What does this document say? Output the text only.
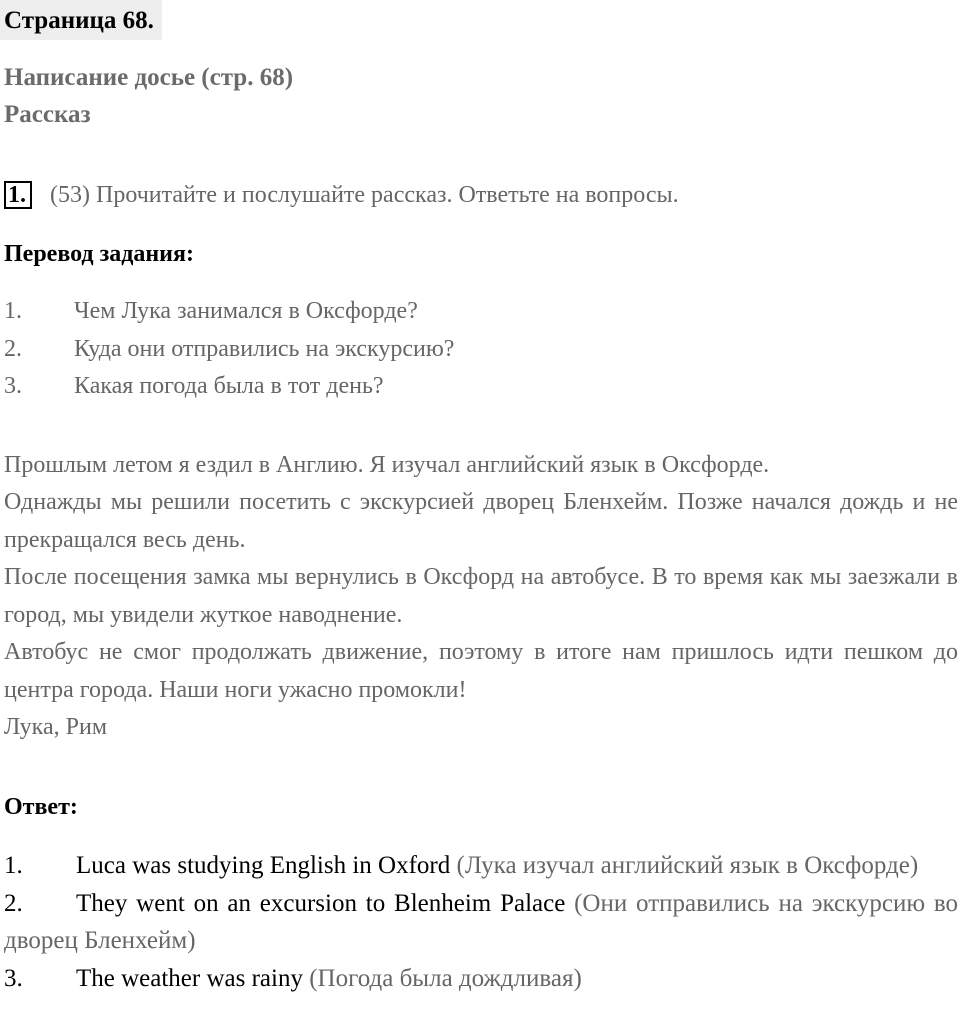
Страница 68.
Написание досье (стр. 68)
Рассказ
1. (53) Прочитайте и послушайте рассказ. Ответьте на вопросы.
Перевод задания:
1. Чем Лука занимался в Оксфорде?
2. Куда они отправились на экскурсию?
3. Какая погода была в тот день?

Прошлым летом я ездил в Англию. Я изучал английский язык в Оксфорде.

Однажды мы решили посетить с экскурсией дворец Бленхейм. Позже начался дождь и не прекращался весь день.

После посещения замка мы вернулись в Оксфорд на автобусе. В то время как мы заезжали в город, мы увидели жуткое наводнение.

Автобус не смог продолжать движение, поэтому в итоге нам пришлось идти пешком до центра города. Наши ноги ужасно промокли!

Лука, Рим

Ответ:

1. Luca was studying English in Oxford (Лука изучал английский язык в Оксфорде)

2. They went on an excursion to Blenheim Palace (Они отправились на экскурсию во дворец Бленхейм)

3. The weather was rainy (Погода была дождливая)
